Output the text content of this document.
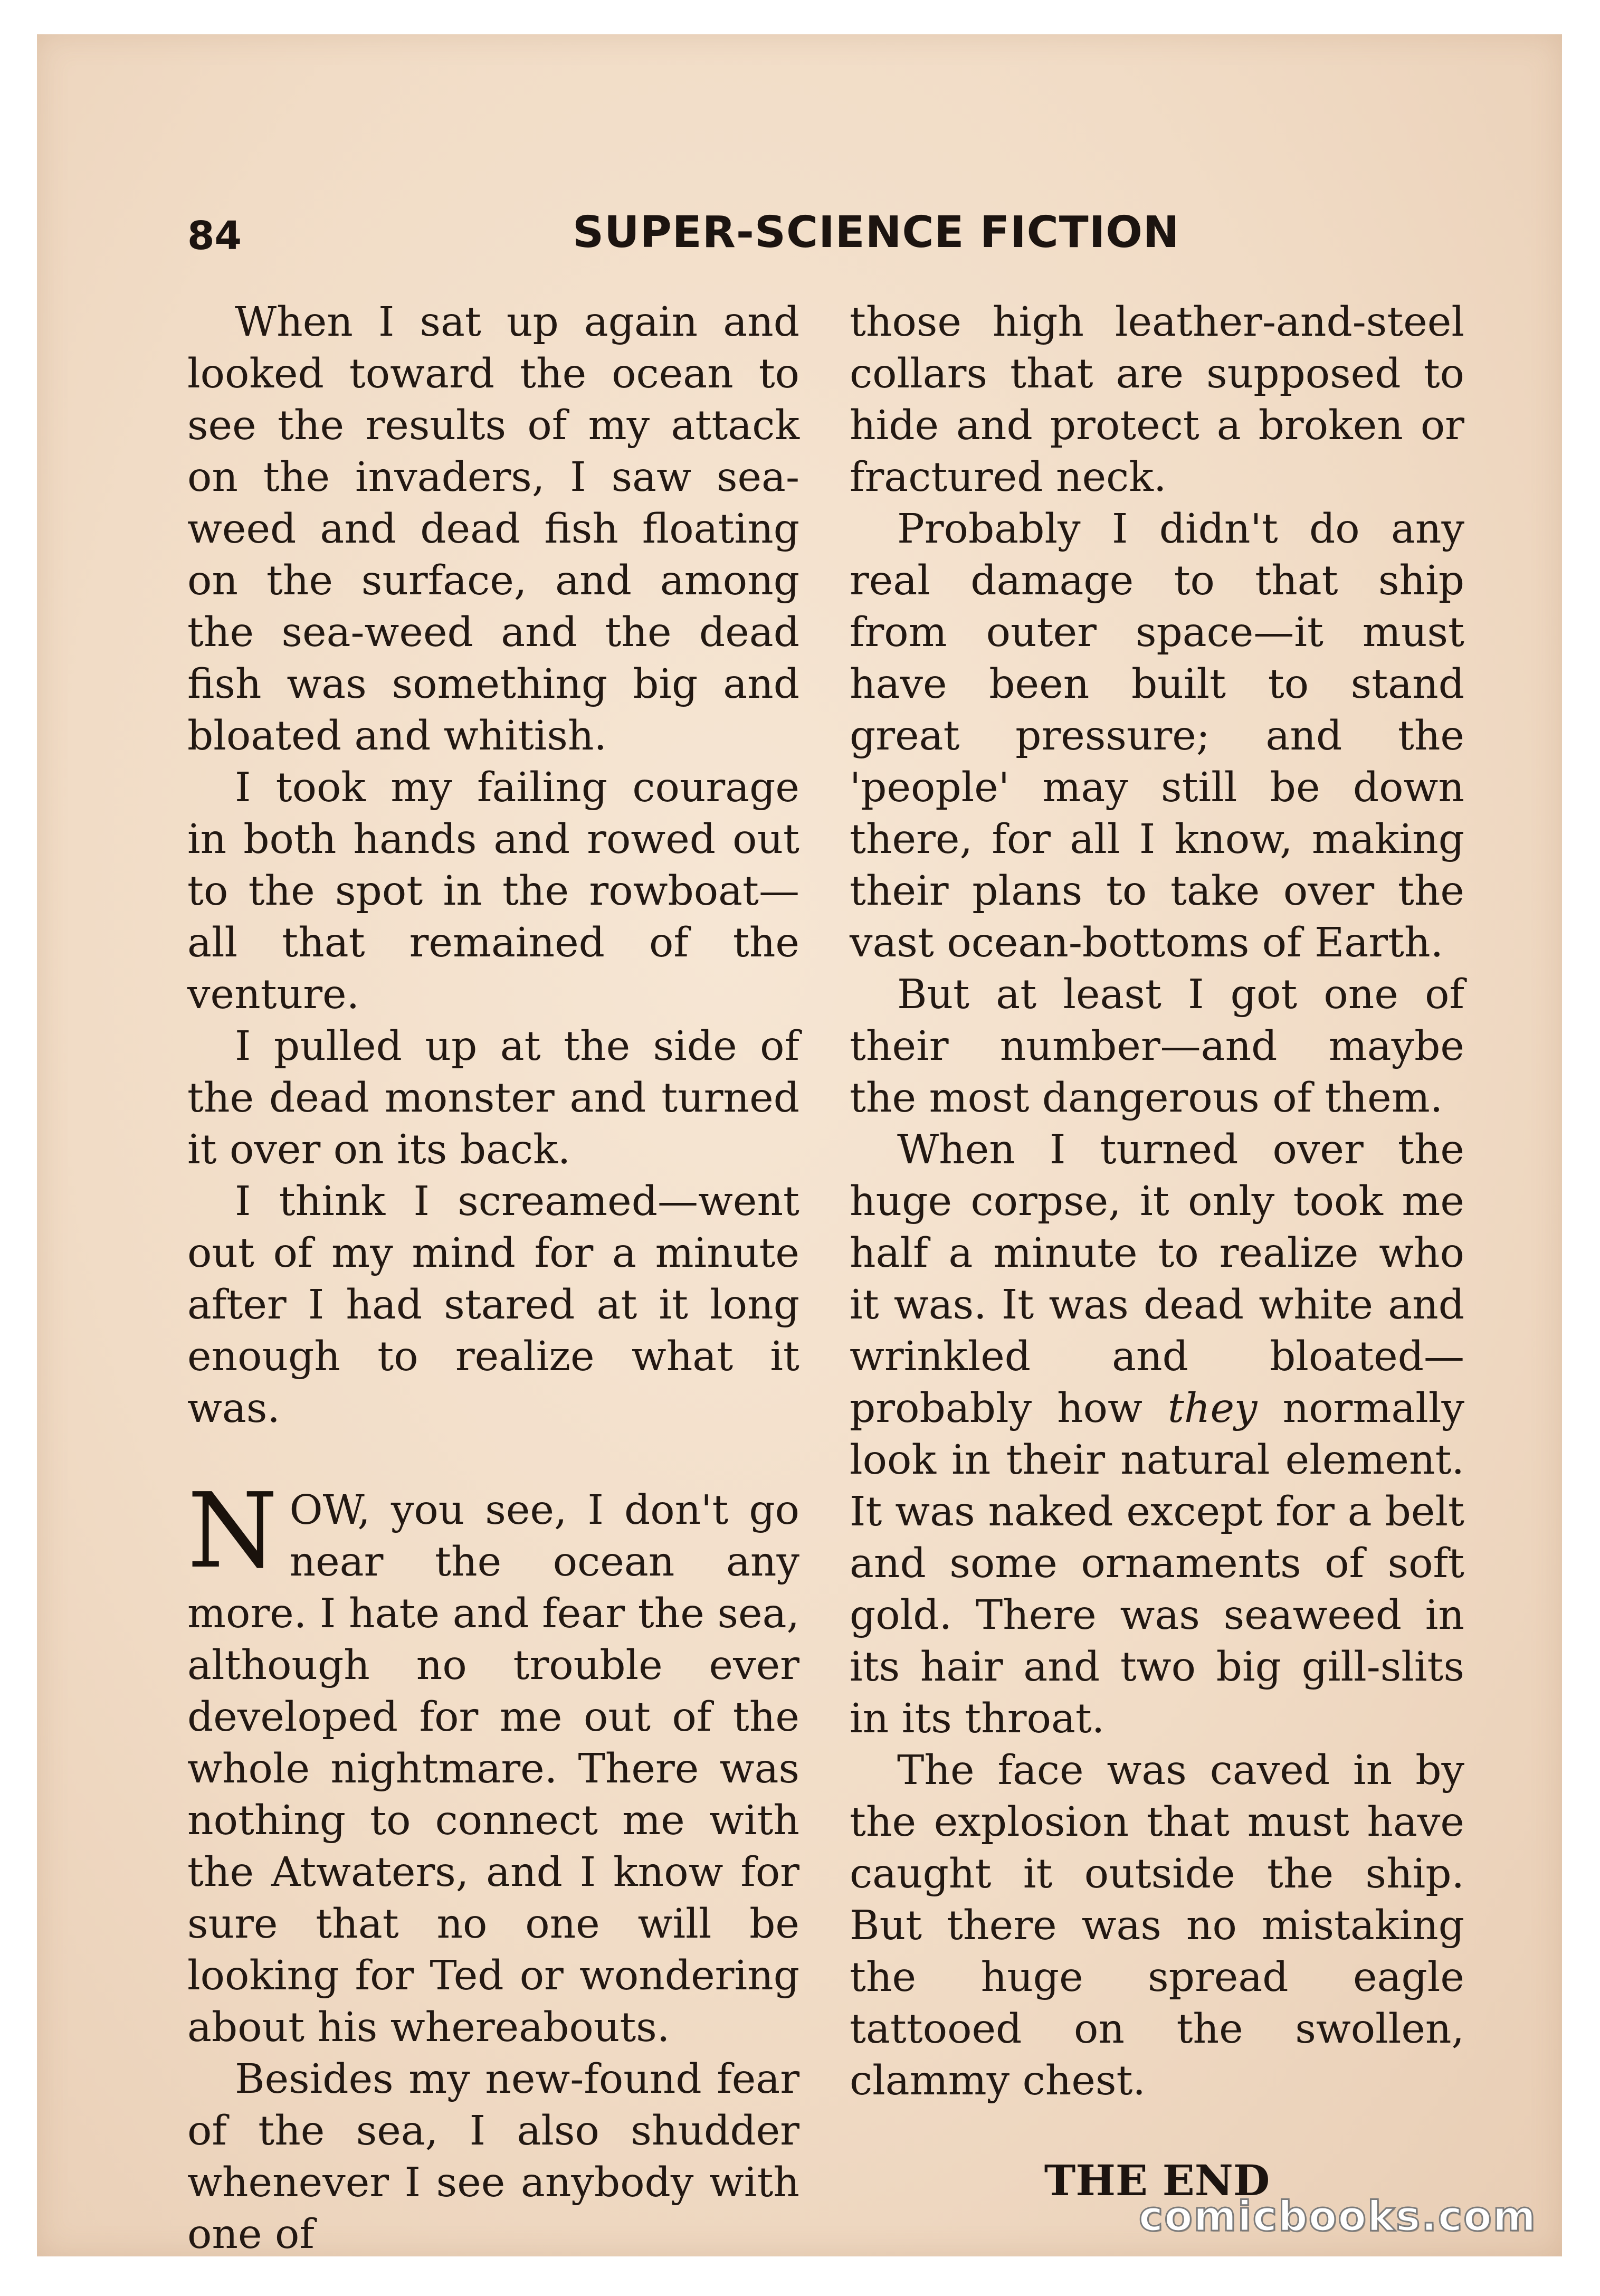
84	SUPER-SCIENCE FICTION

When I sat up again and looked toward the ocean to see the results of my attack on the invaders, I saw sea-weed and dead fish floating on the surface, and among the sea-weed and the dead fish was something big and bloated and whitish.

I took my failing courage in both hands and rowed out to the spot in the rowboat—all that remained of the venture.

I pulled up at the side of the dead monster and turned it over on its back.

I think I screamed—went out of my mind for a minute after I had stared at it long enough to realize what it was.

NOW, you see, I don't go near the ocean any more. I hate and fear the sea, although no trouble ever developed for me out of the whole nightmare. There was nothing to connect me with the Atwaters, and I know for sure that no one will be looking for Ted or wondering about his whereabouts.

Besides my new-found fear of the sea, I also shudder whenever I see anybody with one of

those high leather-and-steel collars that are supposed to hide and protect a broken or fractured neck.

Probably I didn't do any real damage to that ship from outer space—it must have been built to stand great pressure; and the 'people' may still be down there, for all I know, making their plans to take over the vast ocean-bottoms of Earth.

But at least I got one of their number—and maybe the most dangerous of them.

When I turned over the huge corpse, it only took me half a minute to realize who it was. It was dead white and wrinkled and bloated—probably how they normally look in their natural element. It was naked except for a belt and some ornaments of soft gold. There was seaweed in its hair and two big gill-slits in its throat.

The face was caved in by the explosion that must have caught it outside the ship. But there was no mistaking the huge spread eagle tattooed on the swollen, clammy chest.

THE END
comicbooks.com
